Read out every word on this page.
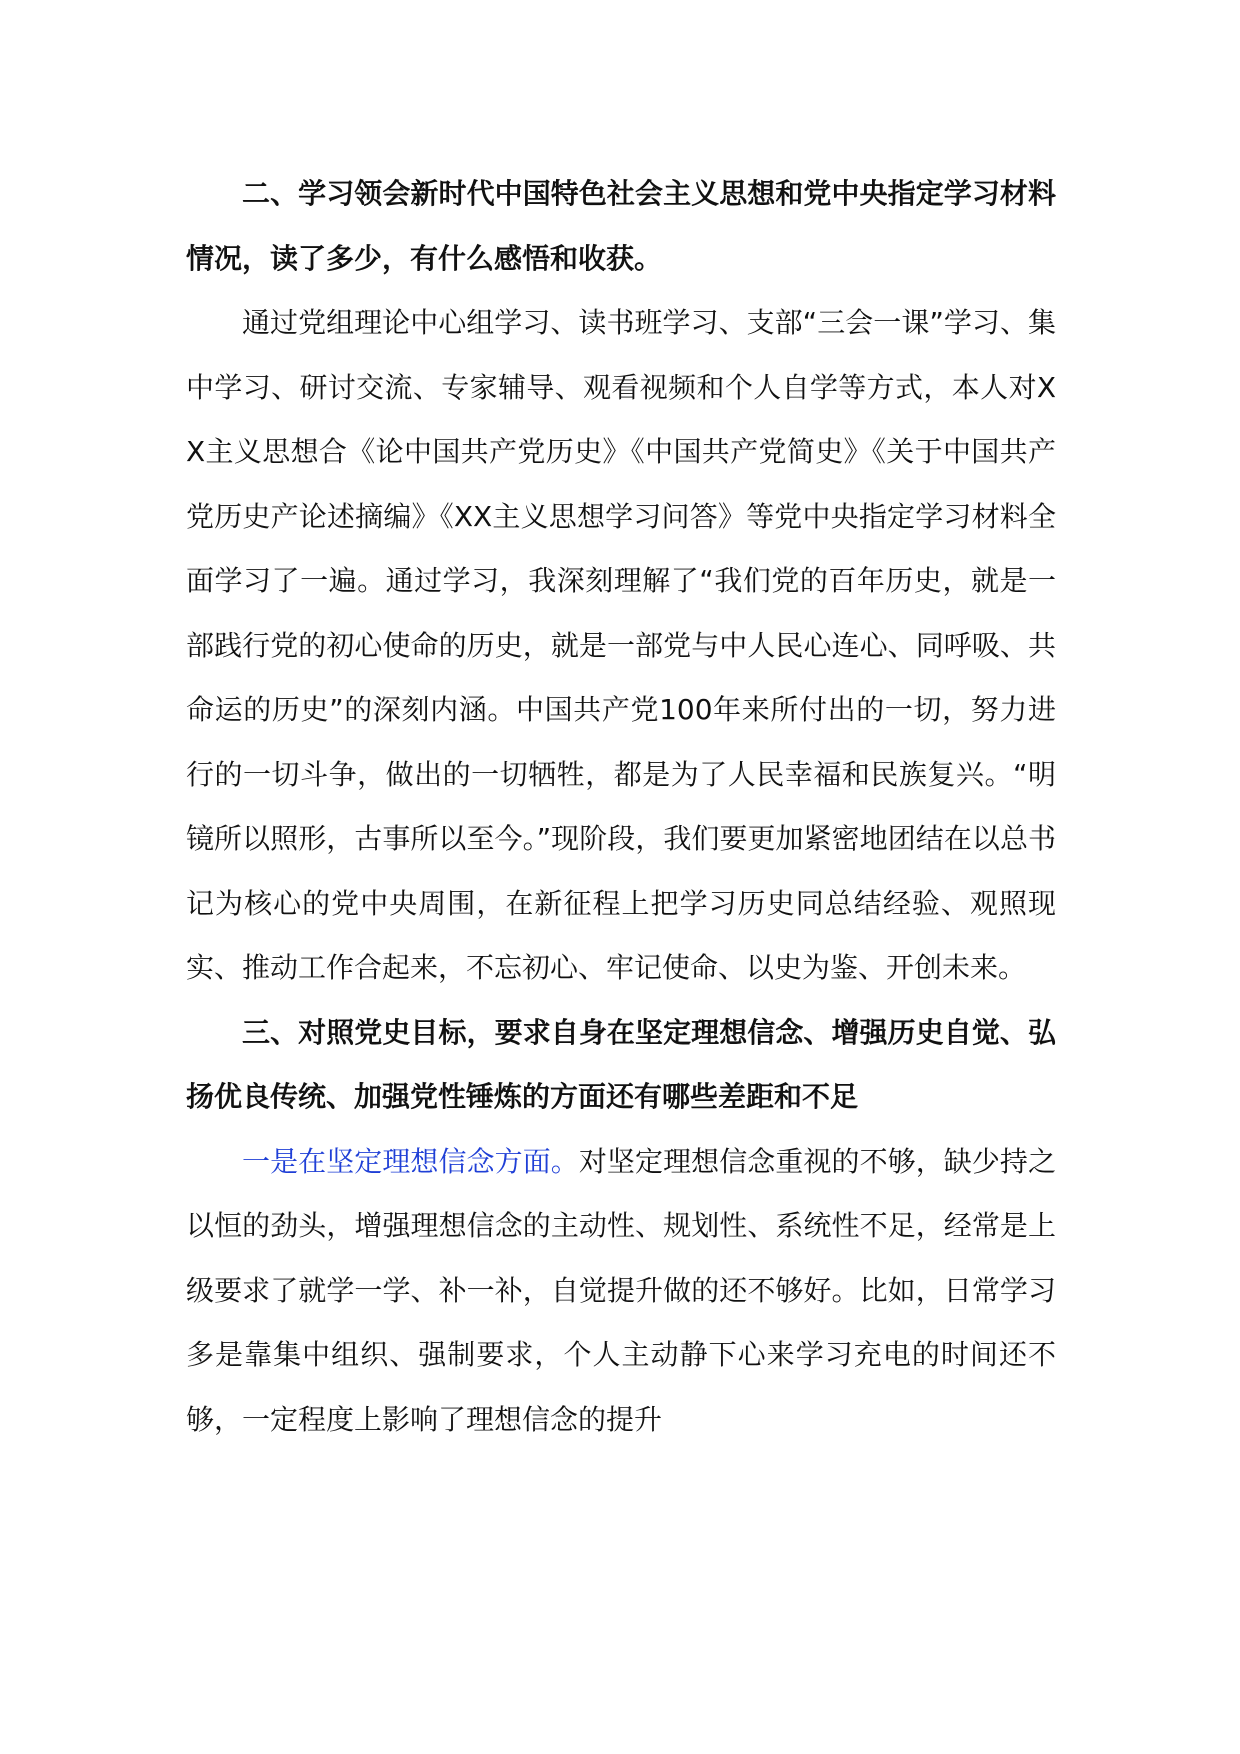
二、学习领会新时代中国特色社会主义思想和党中央指定学习材料情况，读了多少，有什么感悟和收获。

通过党组理论中心组学习、读书班学习、支部“三会一课”学习、集中学习、研讨交流、专家辅导、观看视频和个人自学等方式，本人对XX主义思想合《论中国共产党历史》《中国共产党简史》《关于中国共产党历史产论述摘编》《XX主义思想学习问答》等党中央指定学习材料全面学习了一遍。通过学习，我深刻理解了“我们党的百年历史，就是一部践行党的初心使命的历史，就是一部党与中人民心连心、同呼吸、共命运的历史”的深刻内涵。中国共产党100年来所付出的一切，努力进行的一切斗争，做出的一切牺牲，都是为了人民幸福和民族复兴。“明镜所以照形，古事所以至今。”现阶段，我们要更加紧密地团结在以总书记为核心的党中央周围，在新征程上把学习历史同总结经验、观照现实、推动工作合起来，不忘初心、牢记使命、以史为鉴、开创未来。

三、对照党史目标，要求自身在坚定理想信念、增强历史自觉、弘扬优良传统、加强党性锤炼的方面还有哪些差距和不足

一是在坚定理想信念方面。对坚定理想信念重视的不够，缺少持之以恒的劲头，增强理想信念的主动性、规划性、系统性不足，经常是上级要求了就学一学、补一补，自觉提升做的还不够好。比如，日常学习多是靠集中组织、强制要求，个人主动静下心来学习充电的时间还不够，一定程度上影响了理想信念的提升
